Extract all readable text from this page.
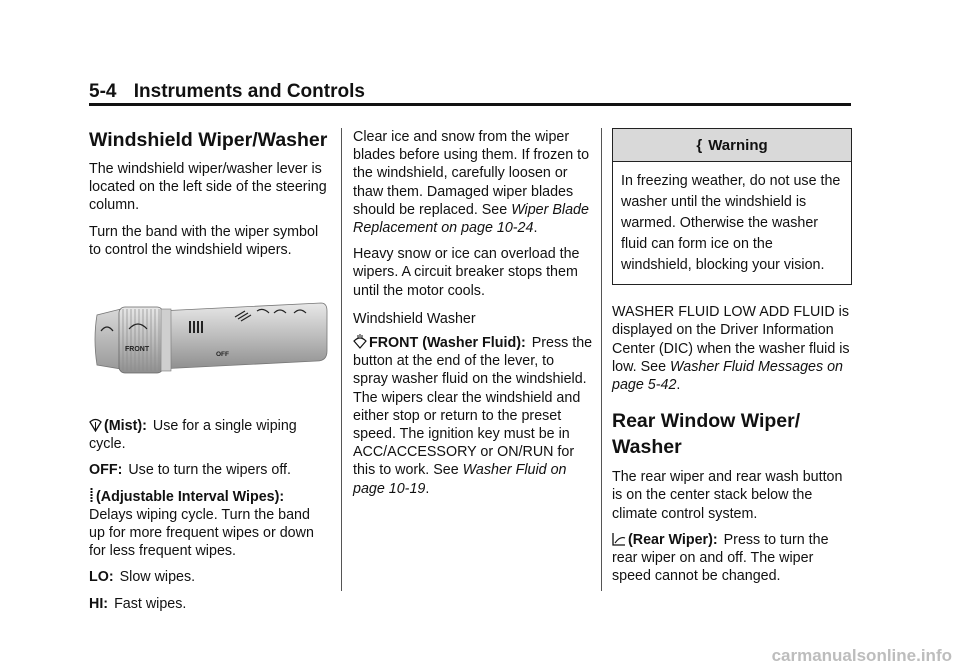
5-4 Instruments and Controls
Windshield Wiper/Washer

The windshield wiper/washer lever is located on the left side of the steering column.

Turn the band with the wiper symbol to control the windshield wipers.

FRONT
OFF

(Mist): Use for a single wiping cycle.

OFF: Use to turn the wipers off.

(Adjustable Interval Wipes):
Delays wiping cycle. Turn the band up for more frequent wipes or down for less frequent wipes.

LO: Slow wipes.

HI: Fast wipes.

Clear ice and snow from the wiper blades before using them. If frozen to the windshield, carefully loosen or thaw them. Damaged wiper blades should be replaced. See Wiper Blade Replacement on page 10-24.

Heavy snow or ice can overload the wipers. A circuit breaker stops them until the motor cools.

Windshield Washer

FRONT (Washer Fluid): Press the button at the end of the lever, to spray washer fluid on the windshield. The wipers clear the windshield and either stop or return to the preset speed. The ignition key must be in ACC/ACCESSORY or ON/RUN for this to work. See Washer Fluid on page 10-19.

{ Warning
In freezing weather, do not use the washer until the windshield is warmed. Otherwise the washer fluid can form ice on the windshield, blocking your vision.

WASHER FLUID LOW ADD FLUID is displayed on the Driver Information Center (DIC) when the washer fluid is low. See Washer Fluid Messages on page 5-42.

Rear Window Wiper/ Washer

The rear wiper and rear wash button is on the center stack below the climate control system.

(Rear Wiper): Press to turn the rear wiper on and off. The wiper speed cannot be changed.

carmanualsonline.info
